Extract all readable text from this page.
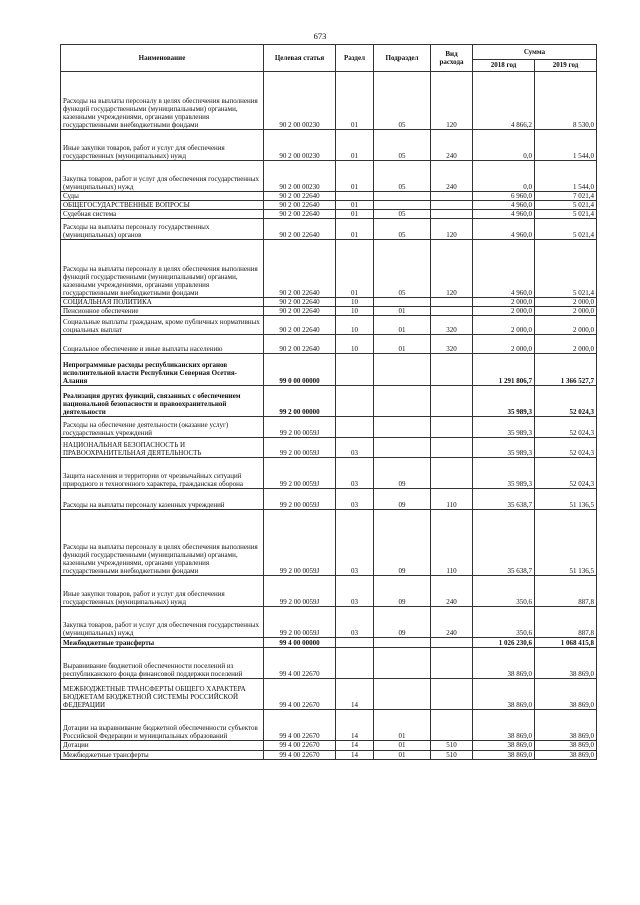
673
Наименование	Целевая статья	Раздел	Подраздел	Вид расхода	Сумма	
					2018 год	2019 год
Расходы на выплаты персоналу в целях обеспечения выполнения функций государственными (муниципальными) органами, казенными учреждениями, органами управления государственными внебюджетными фондами	90 2 00 00230	01	05	120	4 866,2	8 530,0
Иные закупки товаров, работ и услуг для обеспечения государственных (муниципальных) нужд	90 2 00 00230	01	05	240	0,0	1 544,0
Закупка товаров, работ и услуг для обеспечения государственных (муниципальных) нужд	90 2 00 00230	01	05	240	0,0	1 544,0
Суды	90 2 00 22640				6 960,0	7 021,4
ОБЩЕГОСУДАРСТВЕННЫЕ ВОПРОСЫ	90 2 00 22640	01			4 960,0	5 021,4
Судебная система	90 2 00 22640	01	05		4 960,0	5 021,4
Расходы на выплаты персоналу государственных (муниципальных) органов	90 2 00 22640	01	05	120	4 960,0	5 021,4
Расходы на выплаты персоналу в целях обеспечения выполнения функций государственными (муниципальными) органами, казенными учреждениями, органами управления государственными внебюджетными фондами	90 2 00 22640	01	05	120	4 960,0	5 021,4
СОЦИАЛЬНАЯ ПОЛИТИКА	90 2 00 22640	10			2 000,0	2 000,0
Пенсионное обеспечение	90 2 00 22640	10	01		2 000,0	2 000,0
Социальные выплаты гражданам, кроме публичных нормативных социальных выплат	90 2 00 22640	10	01	320	2 000,0	2 000,0
Социальное обеспечение и иные выплаты населению	90 2 00 22640	10	01	320	2 000,0	2 000,0
Непрограммные расходы республиканских органов исполнительной власти Республики Северная Осетия-Алания	99 0 00 00000				1 291 806,7	1 366 527,7
Реализация других функций, связанных с обеспечением национальной безопасности и правоохранительной деятельности	99 2 00 00000				35 989,3	52 024,3
Расходы на обеспечение деятельности (оказание услуг) государственных учреждений	99 2 00 0059J				35 989,3	52 024,3
НАЦИОНАЛЬНАЯ БЕЗОПАСНОСТЬ И ПРАВООХРАНИТЕЛЬНАЯ ДЕЯТЕЛЬНОСТЬ	99 2 00 0059J	03			35 989,3	52 024,3
Защита населения и территории от чрезвычайных ситуаций природного и техногенного характера, гражданская оборона	99 2 00 0059J	03	09		35 989,3	52 024,3
Расходы на выплаты персоналу казенных учреждений	99 2 00 0059J	03	09	110	35 638,7	51 136,5
Расходы на выплаты персоналу в целях обеспечения выполнения функций государственными (муниципальными) органами, казенными учреждениями, органами управления государственными внебюджетными фондами	99 2 00 0059J	03	09	110	35 638,7	51 136,5
Иные закупки товаров, работ и услуг для обеспечения государственных (муниципальных) нужд	99 2 00 0059J	03	09	240	350,6	887,8
Закупка товаров, работ и услуг для обеспечения государственных (муниципальных) нужд	99 2 00 0059J	03	09	240	350,6	887,8
Межбюджетные трансферты	99 4 00 00000				1 026 230,6	1 068 415,8
Выравнивание бюджетной обеспеченности поселений из республиканского фонда финансовой поддержки поселений	99 4 00 22670				38 869,0	38 869,0
МЕЖБЮДЖЕТНЫЕ ТРАНСФЕРТЫ ОБЩЕГО ХАРАКТЕРА БЮДЖЕТАМ БЮДЖЕТНОЙ СИСТЕМЫ РОССИЙСКОЙ ФЕДЕРАЦИИ	99 4 00 22670	14			38 869,0	38 869,0
Дотации на выравнивание бюджетной обеспеченности субъектов Российской Федерации и муниципальных образований	99 4 00 22670	14	01		38 869,0	38 869,0
Дотации	99 4 00 22670	14	01	510	38 869,0	38 869,0
Межбюджетные трансферты	99 4 00 22670	14	01	510	38 869,0	38 869,0
